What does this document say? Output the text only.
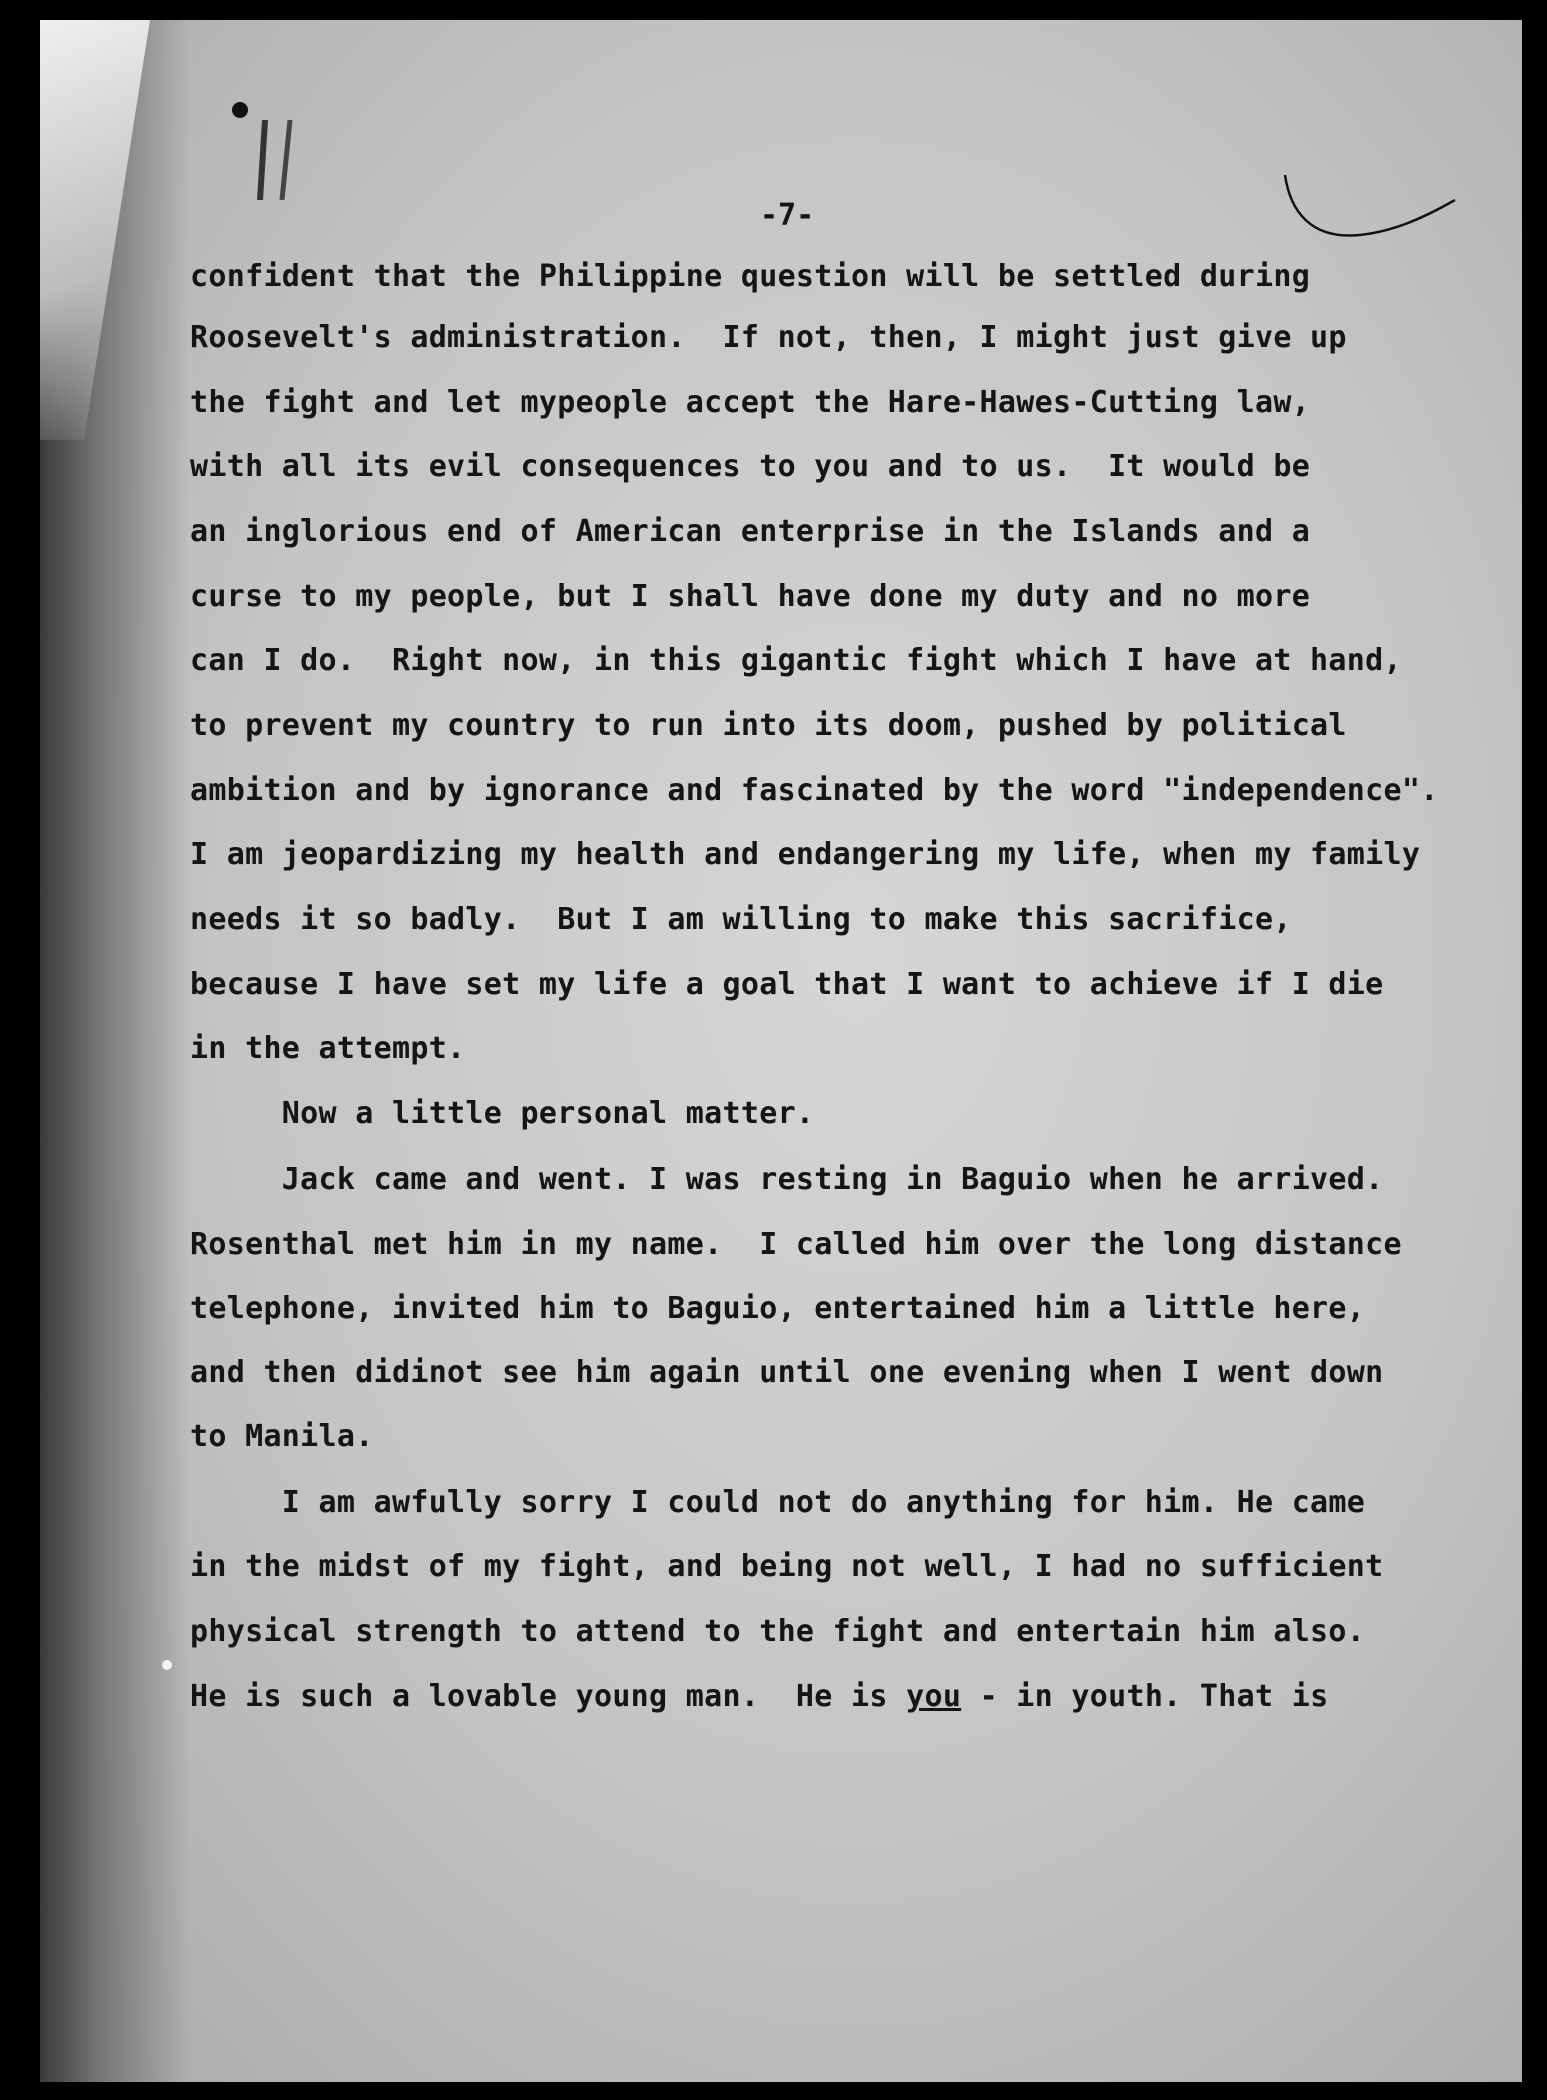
-7-
confident that the Philippine question will be settled during
Roosevelt's administration.  If not, then, I might just give up
the fight and let mypeople accept the Hare-Hawes-Cutting law,
with all its evil consequences to you and to us.  It would be
an inglorious end of American enterprise in the Islands and a
curse to my people, but I shall have done my duty and no more
can I do.  Right now, in this gigantic fight which I have at hand,
to prevent my country to run into its doom, pushed by political
ambition and by ignorance and fascinated by the word "independence".
I am jeopardizing my health and endangering my life, when my family
needs it so badly.  But I am willing to make this sacrifice,
because I have set my life a goal that I want to achieve if I die
in the attempt.
Now a little personal matter.
Jack came and went. I was resting in Baguio when he arrived.
Rosenthal met him in my name.  I called him over the long distance
telephone, invited him to Baguio, entertained him a little here,
and then didinot see him again until one evening when I went down
to Manila.
I am awfully sorry I could not do anything for him. He came
in the midst of my fight, and being not well, I had no sufficient
physical strength to attend to the fight and entertain him also.
He is such a lovable young man.  He is you - in youth. That is
